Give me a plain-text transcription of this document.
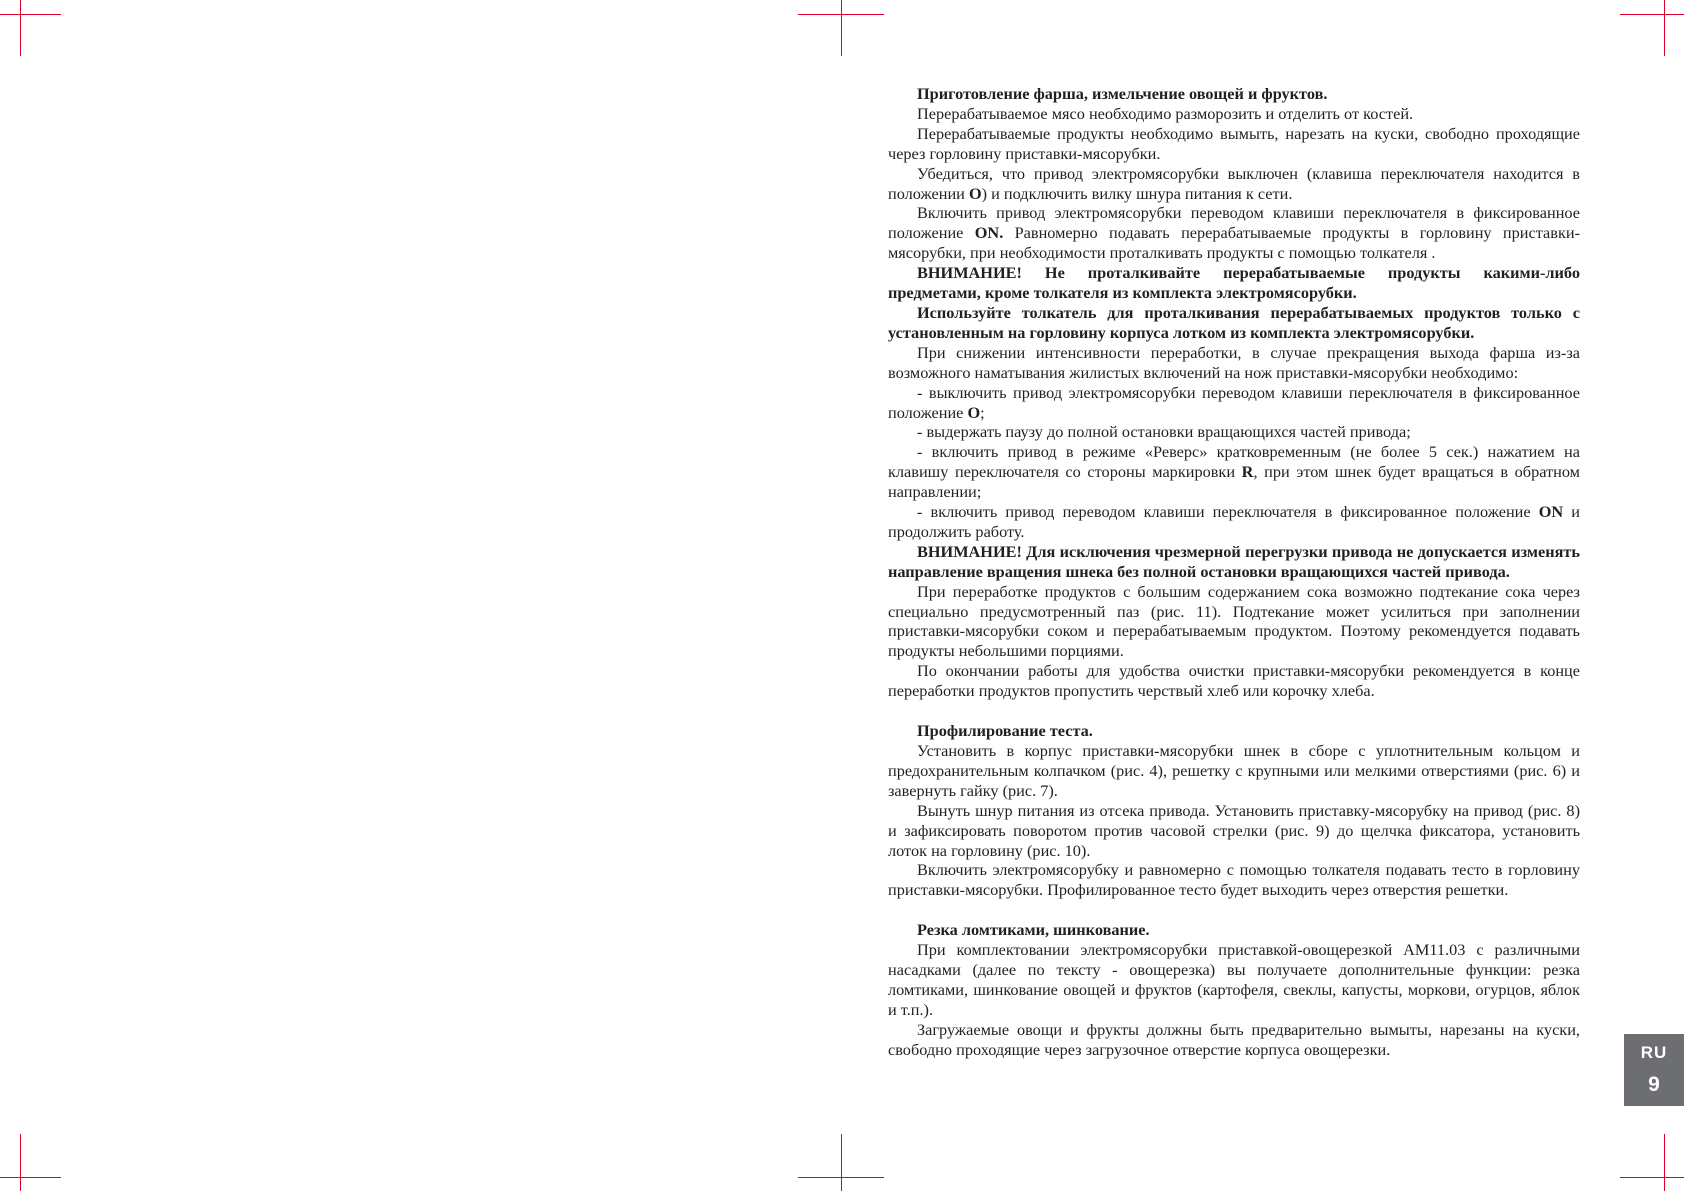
Приготовление фарша, измельчение овощей и фруктов.

Перерабатываемое мясо необходимо разморозить и отделить от костей.

Перерабатываемые продукты необходимо вымыть, нарезать на куски, свободно проходящие через горловину приставки-мясорубки.

Убедиться, что привод электромясорубки выключен (клавиша переключателя находится в положении O) и подключить вилку шнура питания к сети.

Включить привод электромясорубки переводом клавиши переключателя в фиксированное положение ON. Равномерно подавать перерабатываемые продукты в горловину приставки-мясорубки, при необходимости проталкивать продукты с помощью толкателя .

ВНИМАНИЕ! Не проталкивайте перерабатываемые продукты какими-либо предметами, кроме толкателя из комплекта электромясорубки.

Используйте толкатель для проталкивания перерабатываемых продуктов только с установленным на горловину корпуса лотком из комплекта электромясорубки.

При снижении интенсивности переработки, в случае прекращения выхода фарша из-за возможного наматывания жилистых включений на нож приставки-мясорубки необходимо:

- выключить привод электромясорубки переводом клавиши переключателя в фиксированное положение O;

- выдержать паузу до полной остановки вращающихся частей привода;

- включить привод в режиме «Реверс» кратковременным (не более 5 сек.) нажатием на клавишу переключателя со стороны маркировки R, при этом шнек будет вращаться в обратном направлении;

- включить привод переводом клавиши переключателя в фиксированное положение ON и продолжить работу.

ВНИМАНИЕ! Для исключения чрезмерной перегрузки привода не допускается изменять направление вращения шнека без полной остановки вращающихся частей привода.

При переработке продуктов с большим содержанием сока возможно подтекание сока через специально предусмотренный паз (рис. 11). Подтекание может усилиться при заполнении приставки-мясорубки соком и перерабатываемым продуктом. Поэтому рекомендуется подавать продукты небольшими порциями.

По окончании работы для удобства очистки приставки-мясорубки рекомендуется в конце переработки продуктов пропустить черствый хлеб или корочку хлеба.

Профилирование теста.

Установить в корпус приставки-мясорубки шнек в сборе с уплотнительным кольцом и предохранительным колпачком (рис. 4), решетку с крупными или мелкими отверстиями (рис. 6) и завернуть гайку (рис. 7).

Вынуть шнур питания из отсека привода. Установить приставку-мясорубку на привод (рис. 8) и зафиксировать поворотом против часовой стрелки (рис. 9) до щелчка фиксатора, установить лоток на горловину (рис. 10).

Включить электромясорубку и равномерно с помощью толкателя подавать тесто в горловину приставки-мясорубки. Профилированное тесто будет выходить через отверстия решетки.

Резка ломтиками, шинкование.

При комплектовании электромясорубки приставкой-овощерезкой АМ11.03 с различными насадками (далее по тексту - овощерезка) вы получаете дополнительные функции: резка ломтиками, шинкование овощей и фруктов (картофеля, свеклы, капусты, моркови, огурцов, яблок и т.п.).

Загружаемые овощи и фрукты должны быть предварительно вымыты, нарезаны на куски, свободно проходящие через загрузочное отверстие корпуса овощерезки.	RU
9
